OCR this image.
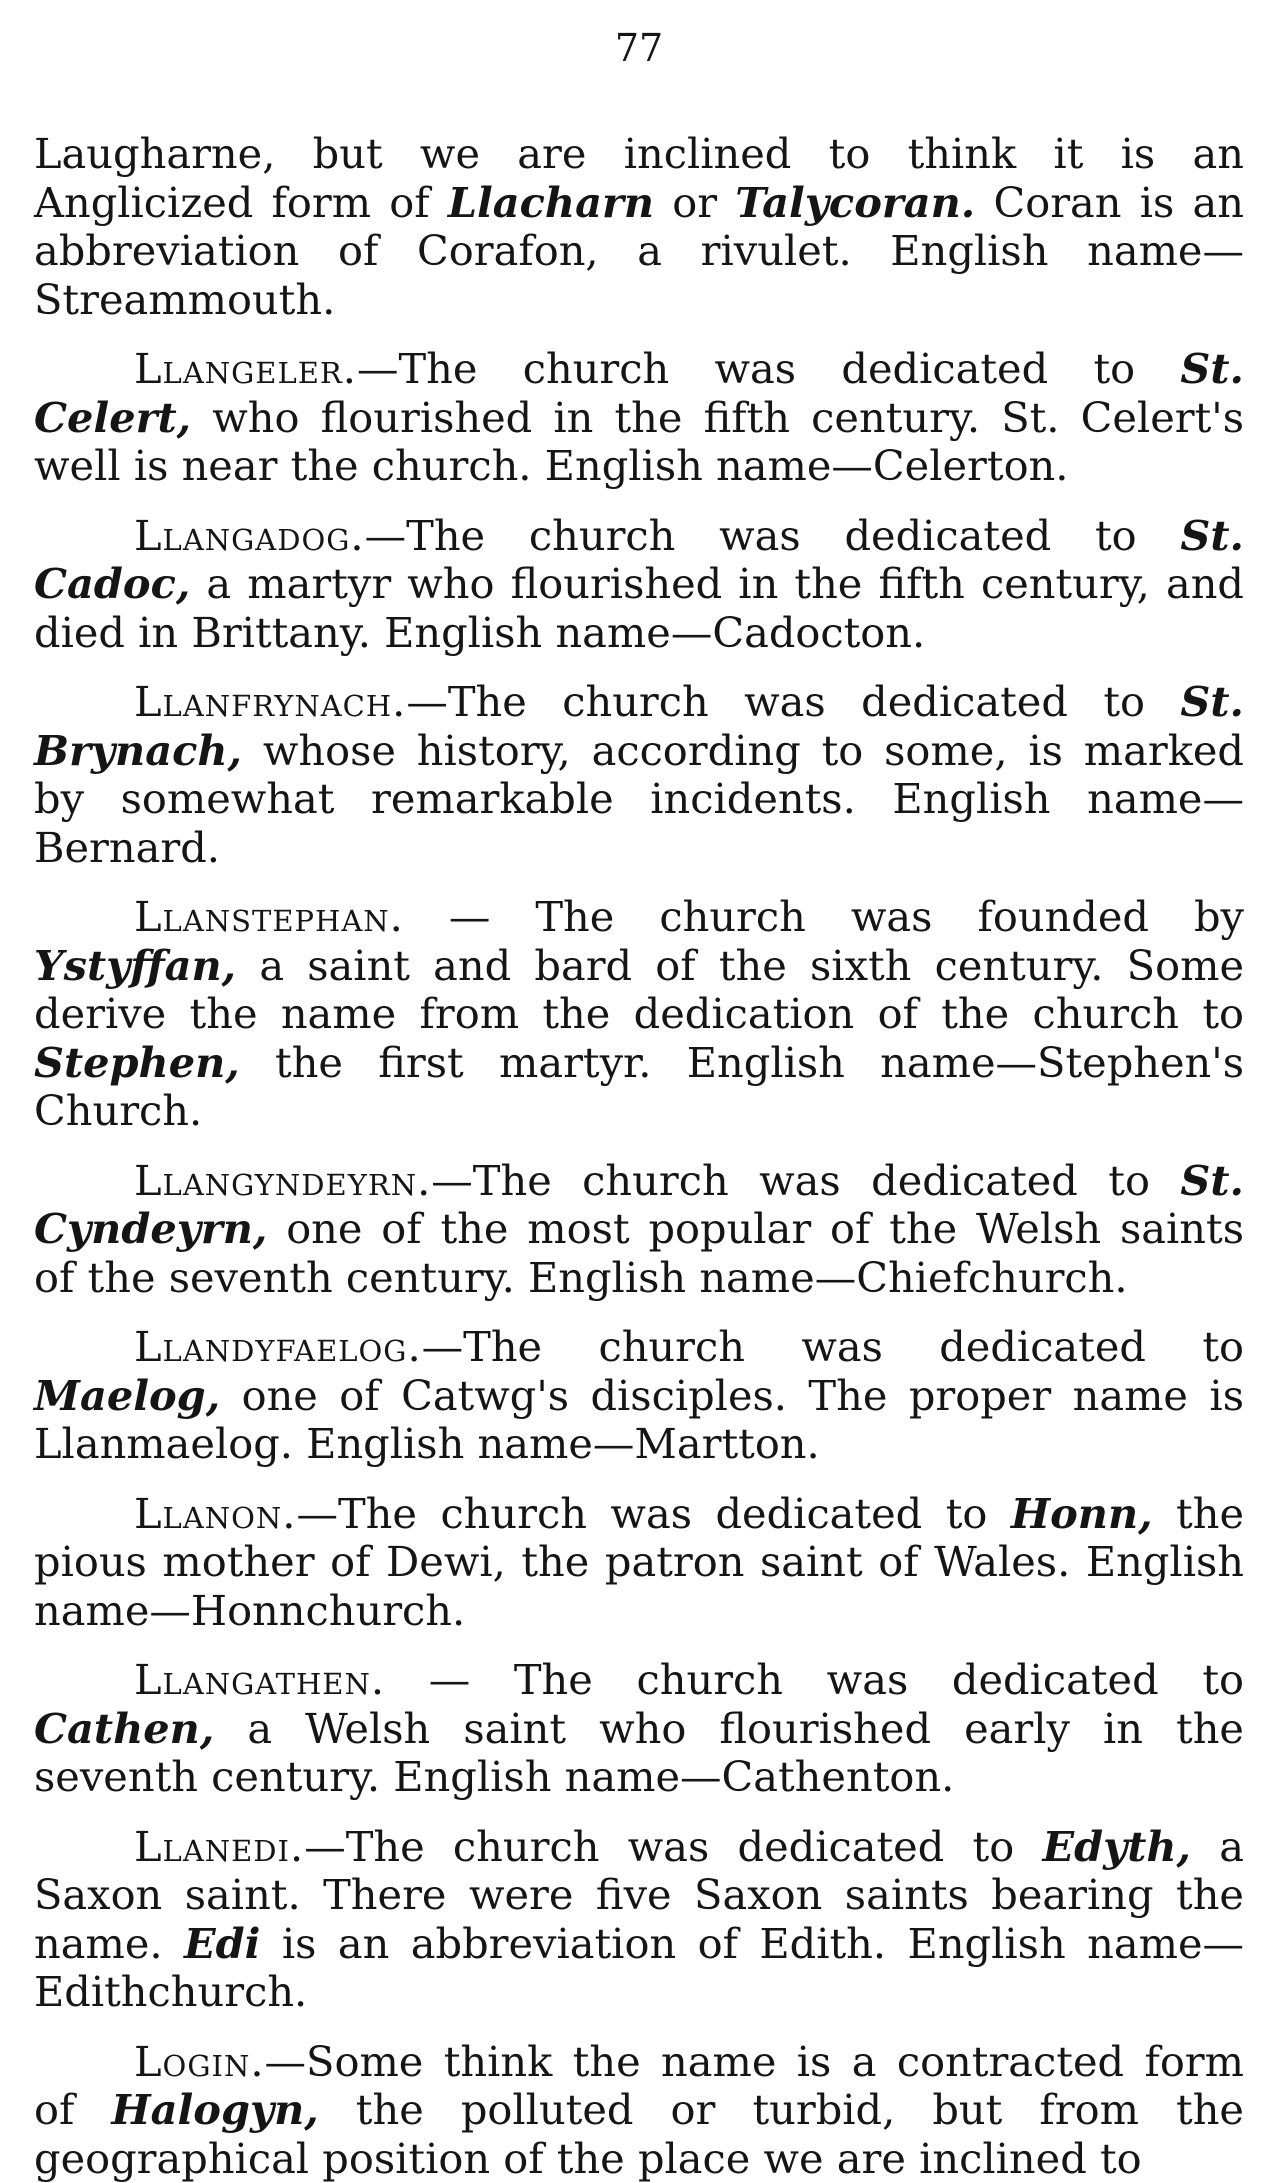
77

Laugharne, but we are inclined to think it is an Anglicized form of Llacharn or Talycoran. Coran is an abbreviation of Corafon, a rivulet. English name—Streammouth.

Llangeler.—The church was dedicated to St. Celert, who flourished in the fifth century. St. Celert's well is near the church. English name—Celerton.

Llangadog.—The church was dedicated to St. Cadoc, a martyr who flourished in the fifth century, and died in Brittany. English name—Cadocton.

Llanfrynach.—The church was dedicated to St. Brynach, whose history, according to some, is marked by somewhat remarkable incidents. English name—Bernard.

Llanstephan. — The church was founded by Ystyffan, a saint and bard of the sixth century. Some derive the name from the dedication of the church to Stephen, the first martyr. English name—Stephen's Church.

Llangyndeyrn.—The church was dedicated to St. Cyndeyrn, one of the most popular of the Welsh saints of the seventh century. English name—Chiefchurch.

Llandyfaelog.—The church was dedicated to Maelog, one of Catwg's disciples. The proper name is Llanmaelog. English name—Martton.

Llanon.—The church was dedicated to Honn, the pious mother of Dewi, the patron saint of Wales. English name—Honnchurch.

Llangathen. — The church was dedicated to Cathen, a Welsh saint who flourished early in the seventh century. English name—Cathenton.

Llanedi.—The church was dedicated to Edyth, a Saxon saint. There were five Saxon saints bearing the name. Edi is an abbreviation of Edith. English name—Edithchurch.

Login.—Some think the name is a contracted form of Halogyn, the polluted or turbid, but from the geographical position of the place we are inclined to
